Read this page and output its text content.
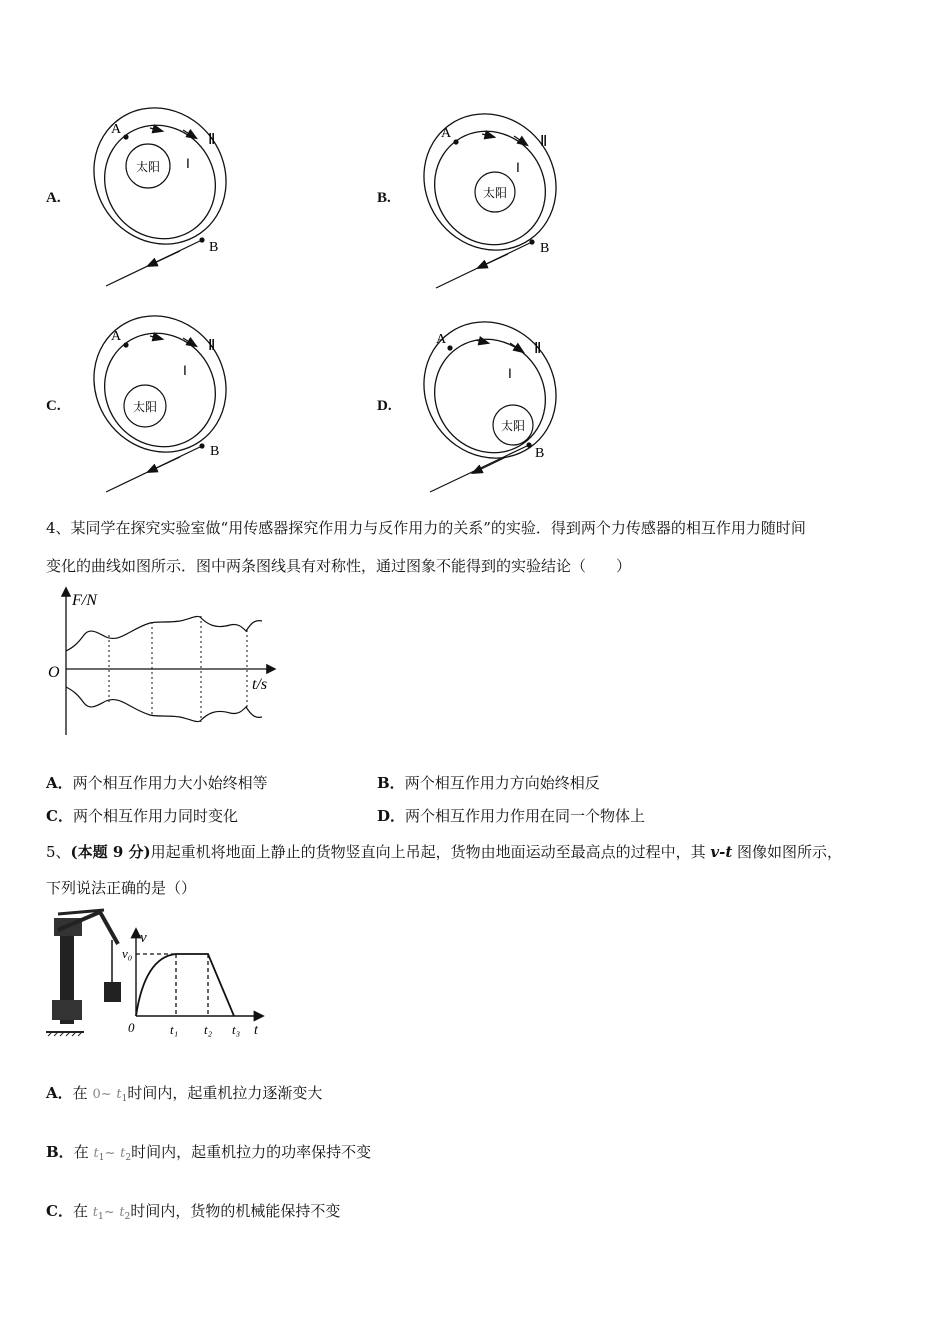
太阳
A
B
Ⅱ
Ⅰ
太阳
A
B
Ⅱ
Ⅰ
太阳
A
B
Ⅱ
Ⅰ
太阳
A
B
Ⅱ
Ⅰ
A.	B.
C.	D.
4、某同学在探究实验室做“用传感器探究作用力与反作用力的关系”的实验．得到两个力传感器的相互作用力随时间
变化的曲线如图所示．图中两条图线具有对称性，通过图象不能得到的实验结论（　　）
F/N
t/s
O
A．两个相互作用力大小始终相等	B．两个相互作用力方向始终相反
C．两个相互作用力同时变化	D．两个相互作用力作用在同一个物体上
5、(本题 9 分)用起重机将地面上静止的货物竖直向上吊起，货物由地面运动至最高点的过程中，其 v-t 图像如图所示，
下列说法正确的是（）
v
v₀
0	t₁ t₂ t₃ t
A．在 0~ $t_1$时间内，起重机拉力逐渐变大
B．在 $t_1\sim$ $t_2$时间内，起重机拉力的功率保持不变
C．在 $t_1\sim$ $t_2$时间内，货物的机械能保持不变
